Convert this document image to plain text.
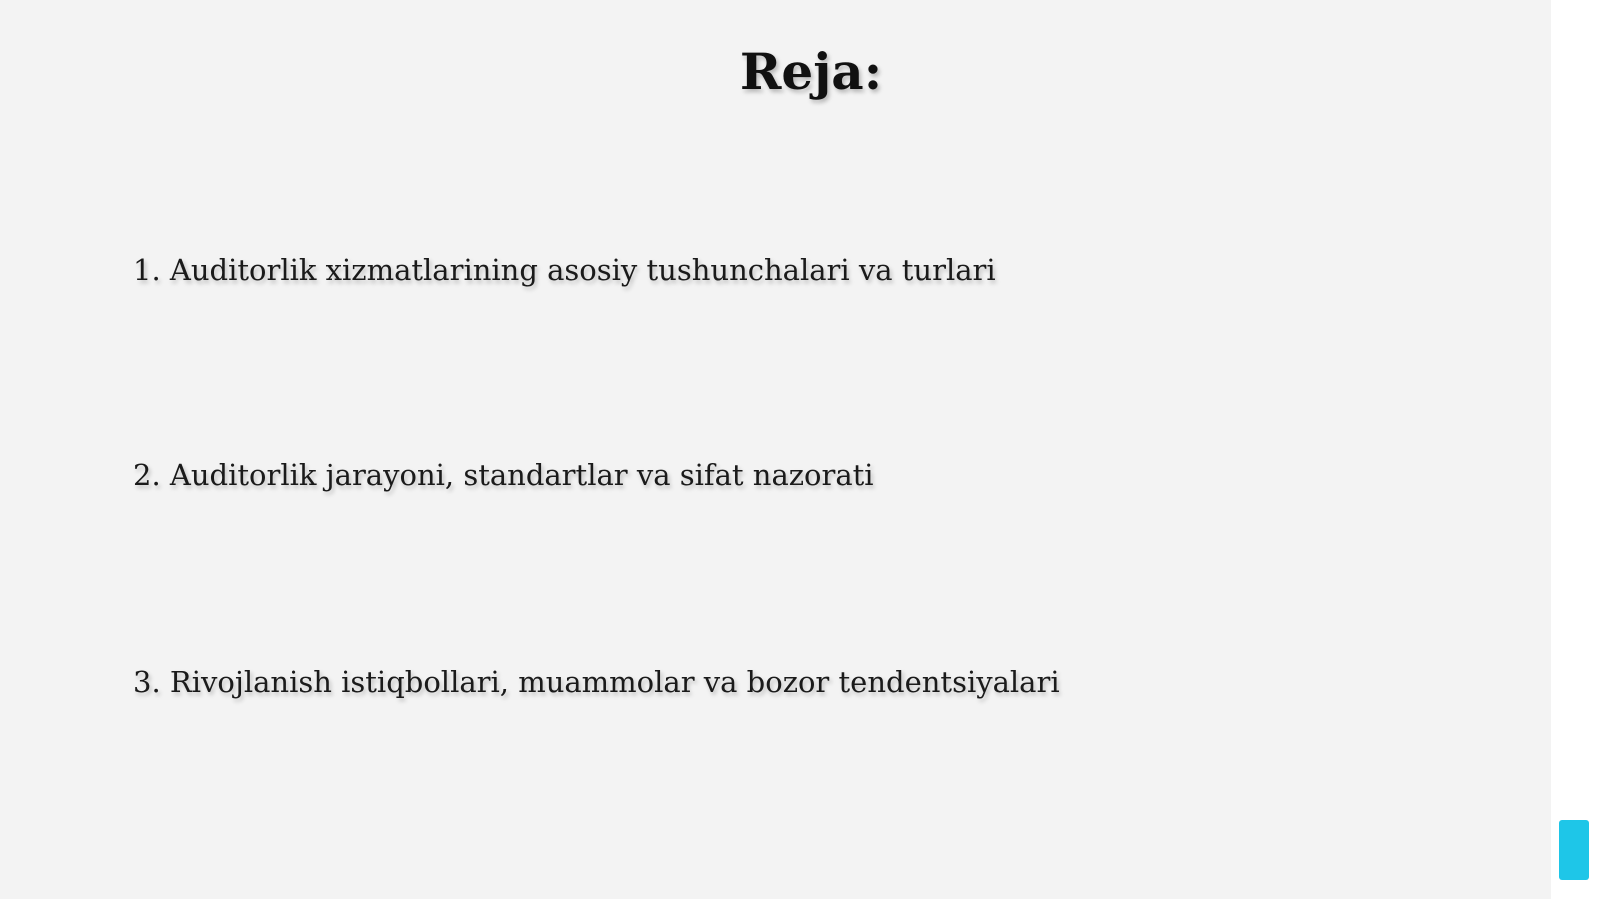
Reja:

1. Auditorlik xizmatlarining asosiy tushunchalari va turlari

2. Auditorlik jarayoni, standartlar va sifat nazorati

3. Rivojlanish istiqbollari, muammolar va bozor tendentsiyalari
